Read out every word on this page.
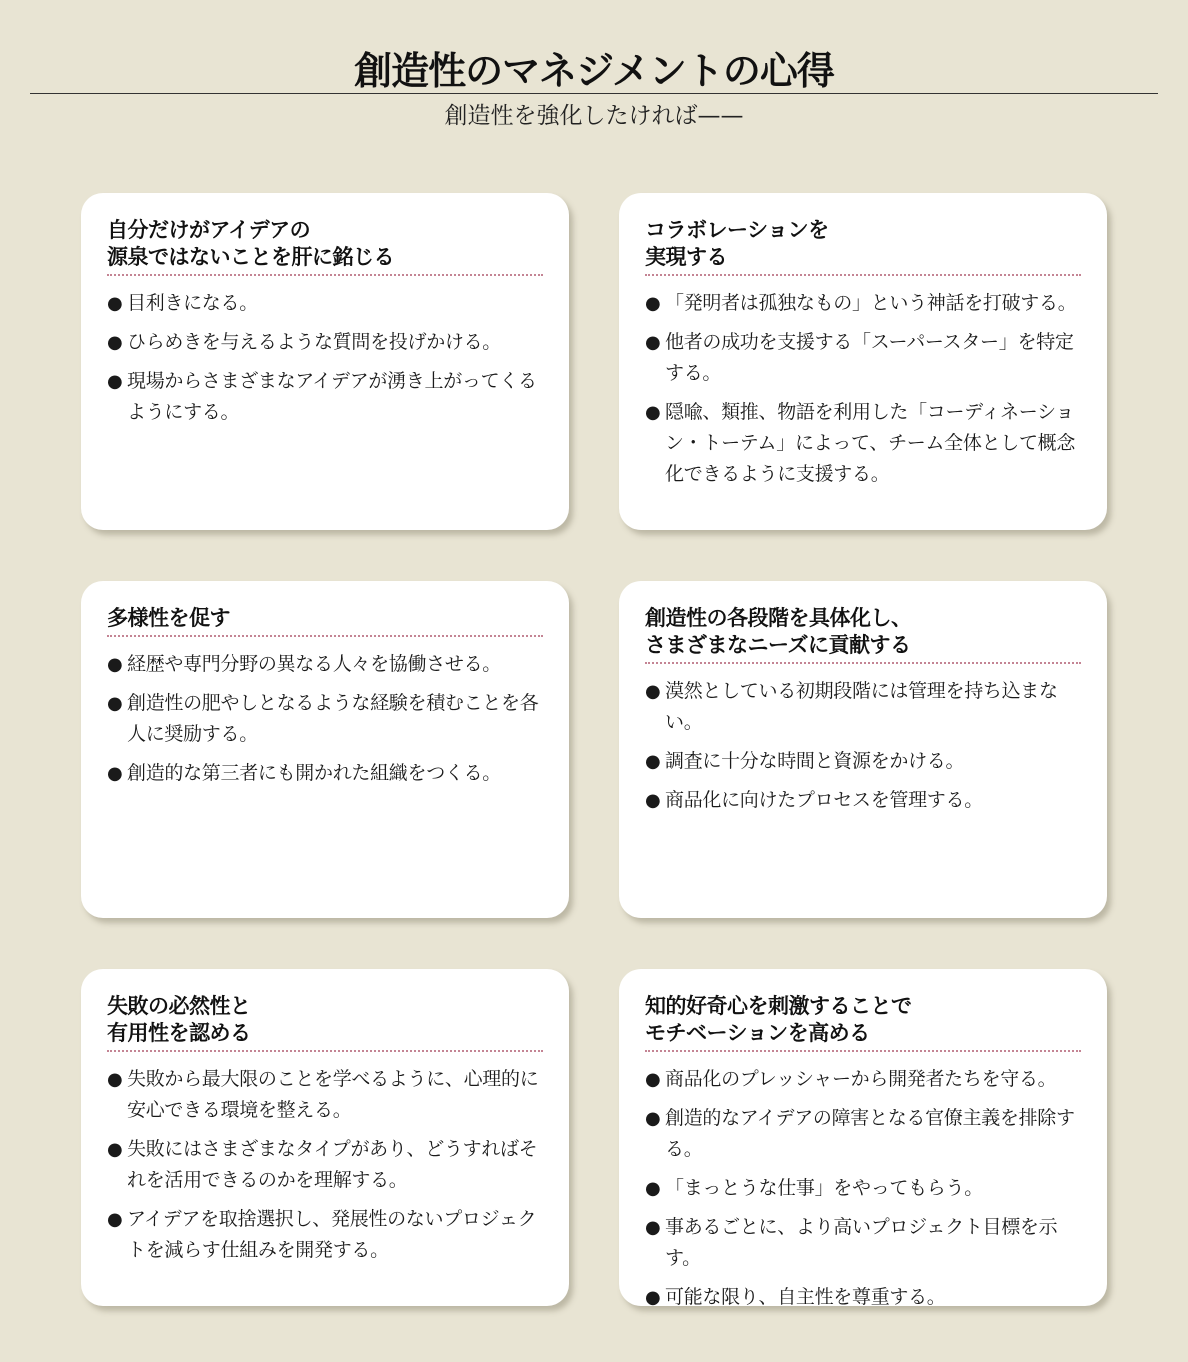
創造性のマネジメントの心得
創造性を強化したければ——
自分だけがアイデアの
源泉ではないことを肝に銘じる
● 目利きになる。
● ひらめきを与えるような質問を投げかける。
● 現場からさまざまなアイデアが湧き上がってくるようにする。
コラボレーションを
実現する
● 「発明者は孤独なもの」という神話を打破する。
● 他者の成功を支援する「スーパースター」を特定する。
● 隠喩、類推、物語を利用した「コーディネーション・トーテム」によって、チーム全体として概念化できるように支援する。
多様性を促す
● 経歴や専門分野の異なる人々を協働させる。
● 創造性の肥やしとなるような経験を積むことを各人に奨励する。
● 創造的な第三者にも開かれた組織をつくる。
創造性の各段階を具体化し、
さまざまなニーズに貢献する
● 漠然としている初期段階には管理を持ち込まない。
● 調査に十分な時間と資源をかける。
● 商品化に向けたプロセスを管理する。
失敗の必然性と
有用性を認める
● 失敗から最大限のことを学べるように、心理的に安心できる環境を整える。
● 失敗にはさまざまなタイプがあり、どうすればそれを活用できるのかを理解する。
● アイデアを取捨選択し、発展性のないプロジェクトを減らす仕組みを開発する。
知的好奇心を刺激することで
モチベーションを高める
● 商品化のプレッシャーから開発者たちを守る。
● 創造的なアイデアの障害となる官僚主義を排除する。
● 「まっとうな仕事」をやってもらう。
● 事あるごとに、より高いプロジェクト目標を示す。
● 可能な限り、自主性を尊重する。
